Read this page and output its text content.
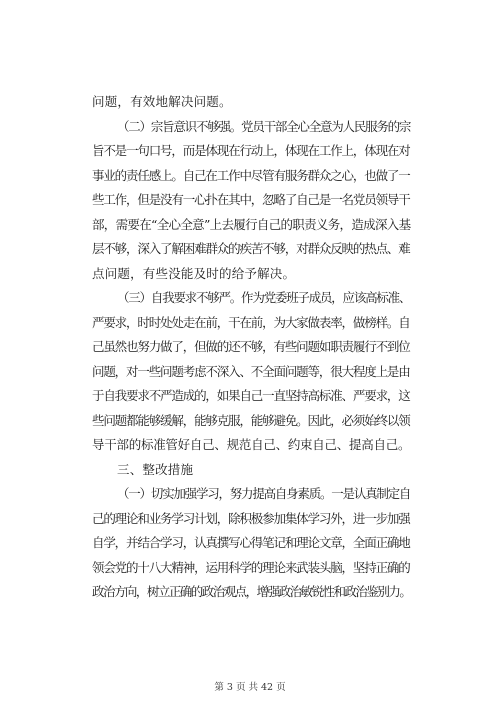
问题，有效地解决问题。

（二）宗旨意识不够强。党员干部全心全意为人民服务的宗
旨不是一句口号，而是体现在行动上，体现在工作上，体现在对
事业的责任感上。自己在工作中尽管有服务群众之心，也做了一
些工作，但是没有一心扑在其中，忽略了自己是一名党员领导干
部，需要在“全心全意”上去履行自己的职责义务，造成深入基
层不够，深入了解困难群众的疾苦不够，对群众反映的热点、难
点问题，有些没能及时的给予解决。

（三）自我要求不够严。作为党委班子成员，应该高标准、
严要求，时时处处走在前，干在前，为大家做表率，做榜样。自
己虽然也努力做了，但做的还不够，有些问题如职责履行不到位
问题，对一些问题考虑不深入、不全面问题等，很大程度上是由
于自我要求不严造成的，如果自己一直坚持高标准、严要求，这
些问题都能够缓解，能够克服，能够避免。因此，必须始终以领
导干部的标准管好自己、规范自己、约束自己、提高自己。

三、整改措施

（一）切实加强学习，努力提高自身素质。一是认真制定自
己的理论和业务学习计划，除积极参加集体学习外，进一步加强
自学，并结合学习，认真撰写心得笔记和理论文章，全面正确地
领会党的十八大精神，运用科学的理论来武装头脑，坚持正确的
政治方向，树立正确的政治观点，增强政治敏锐性和政治鉴别力。

第 3 页 共 42 页
